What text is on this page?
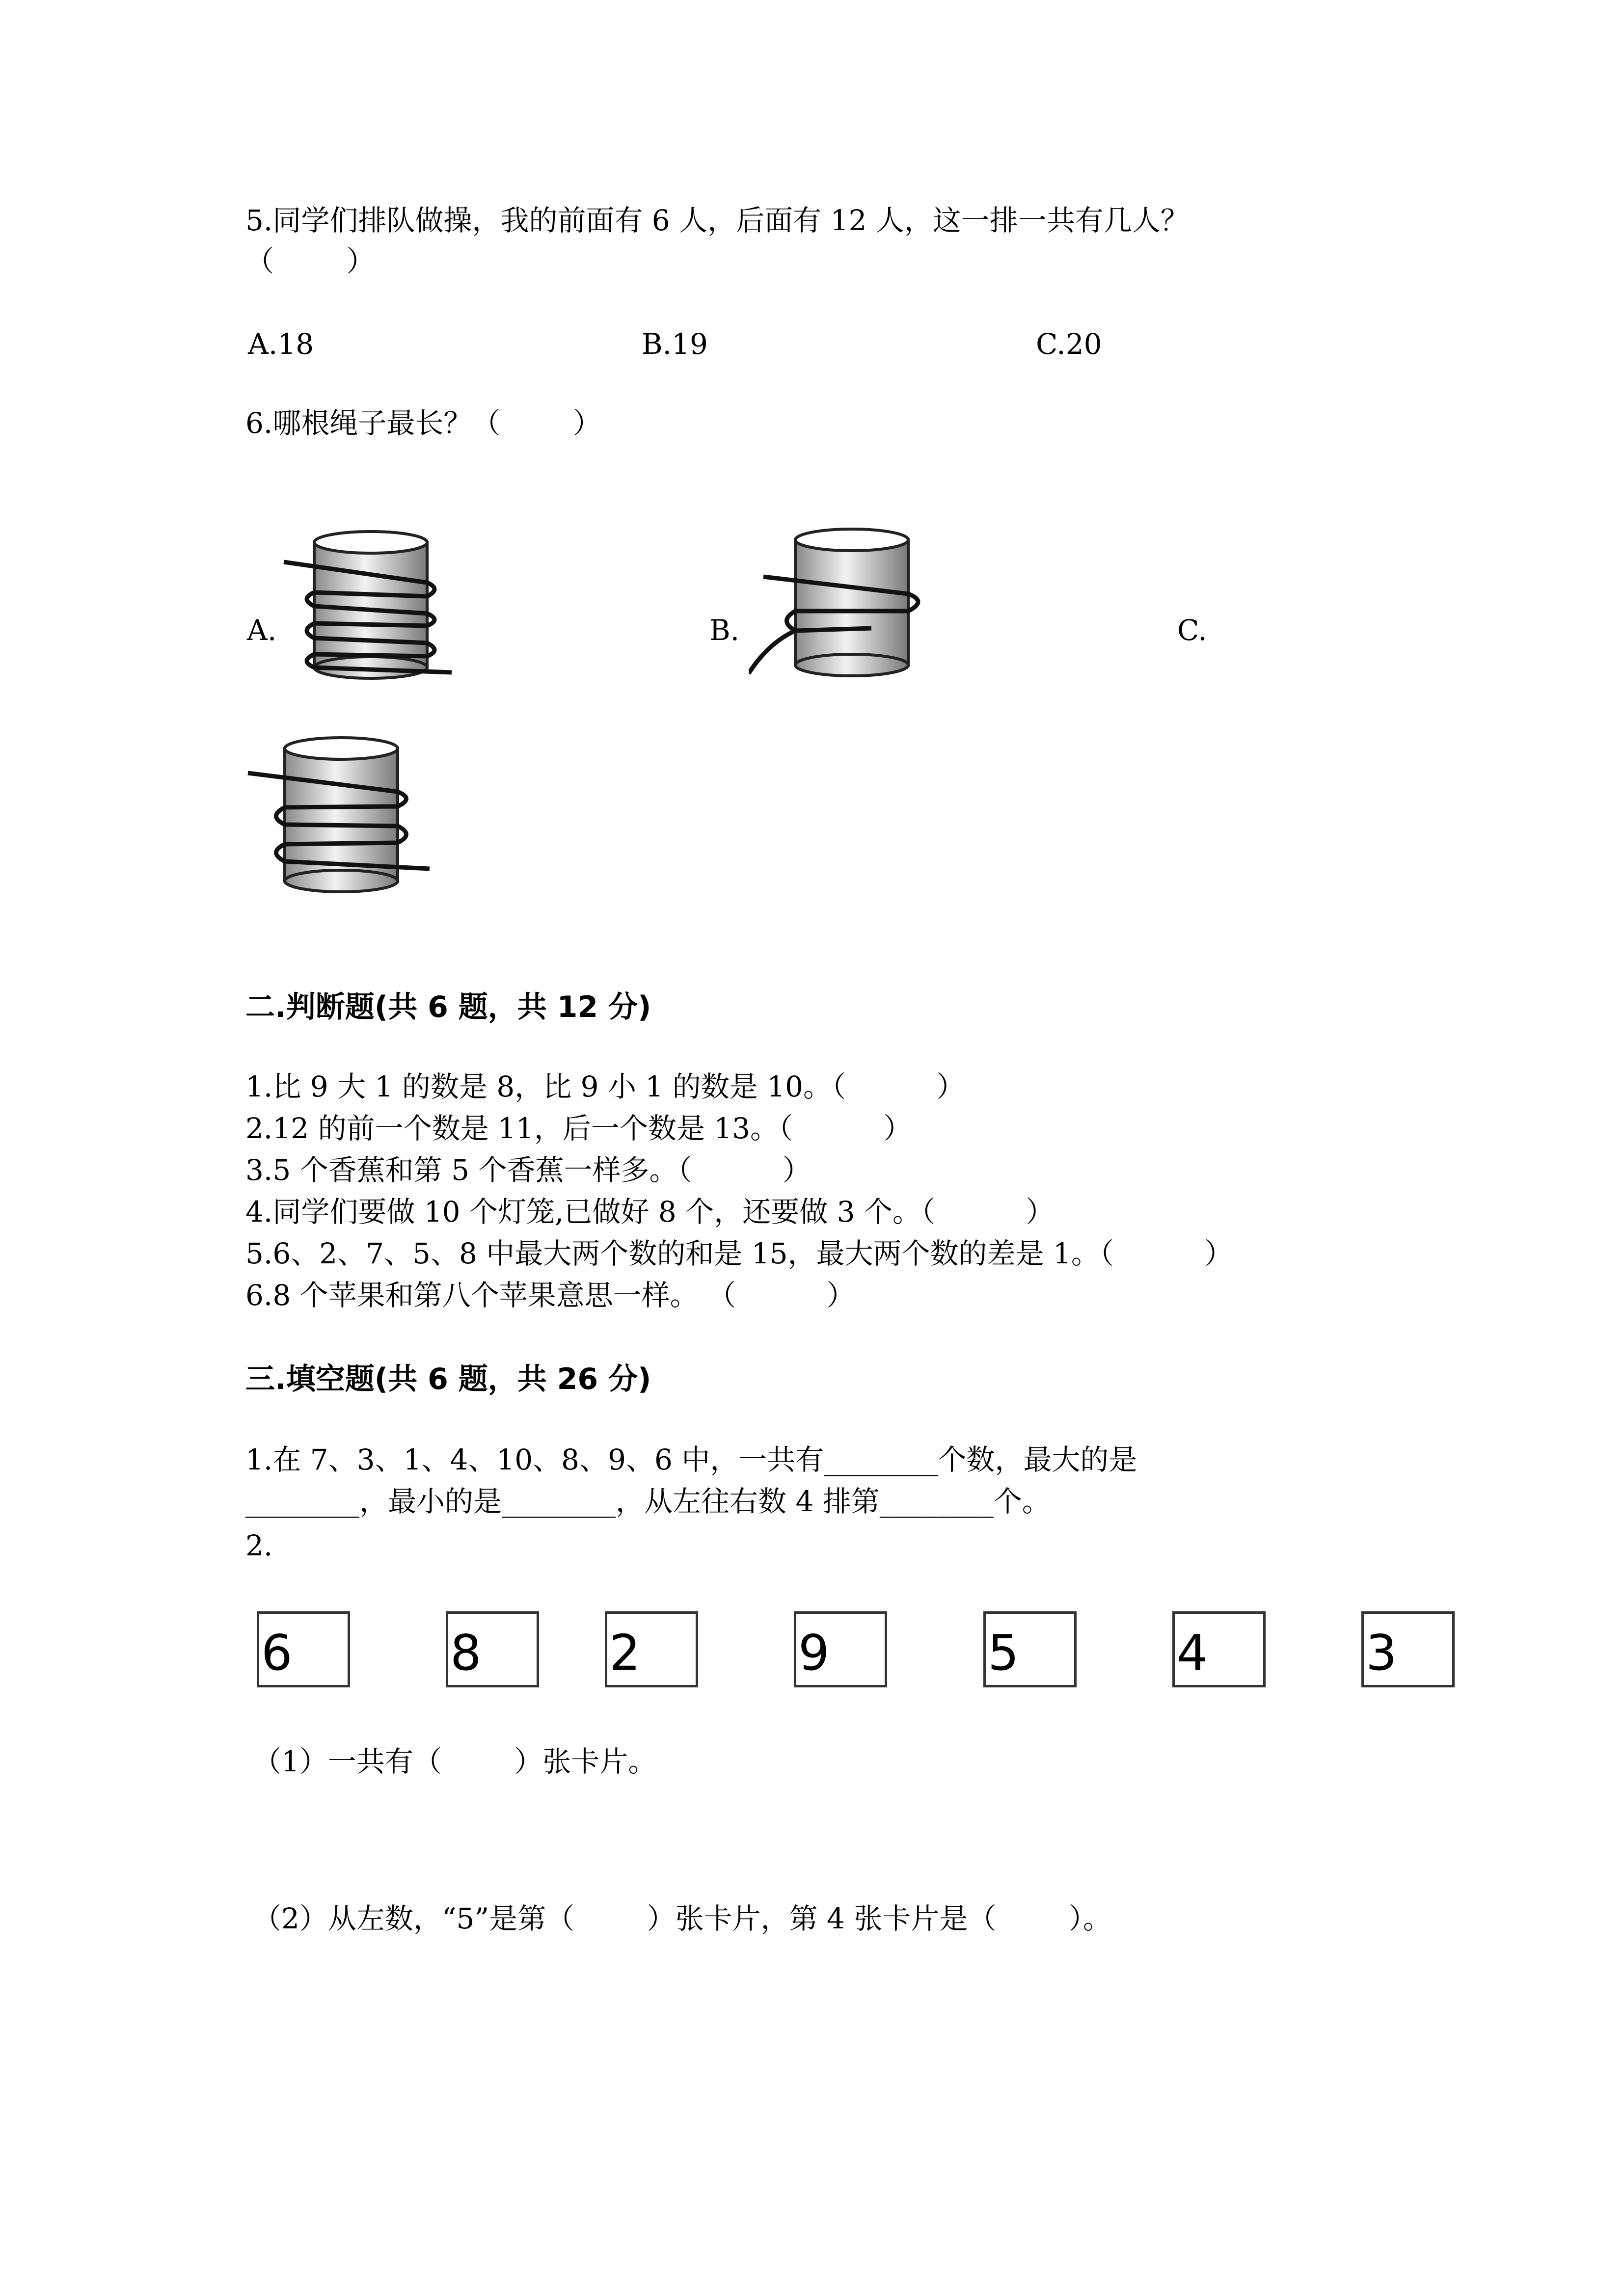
5.同学们排队做操，我的前面有 6 人，后面有 12 人，这一排一共有几人？
（        ）
A.18	B.19	C.20
6.哪根绳子最长？（        ）
A.	B.	C.
二.判断题(共 6 题，共 12 分)
1.比 9 大 1 的数是 8，比 9 小 1 的数是 10。（          ）
2.12 的前一个数是 11，后一个数是 13。（          ）
3.5 个香蕉和第 5 个香蕉一样多。（          ）
4.同学们要做 10 个灯笼,已做好 8 个，还要做 3 个。（          ）
5.6、2、7、5、8 中最大两个数的和是 15，最大两个数的差是 1。（          ）
6.8 个苹果和第八个苹果意思一样。 （          ）
三.填空题(共 6 题，共 26 分)
1.在 7、3、1、4、10、8、9、6 中，一共有________个数，最大的是
________，最小的是________，从左往右数 4 排第________个。
2.
6	8	2	9	5	4	3
（1）一共有（        ）张卡片。
（2）从左数，“5”是第（        ）张卡片，第 4 张卡片是（        ）。
